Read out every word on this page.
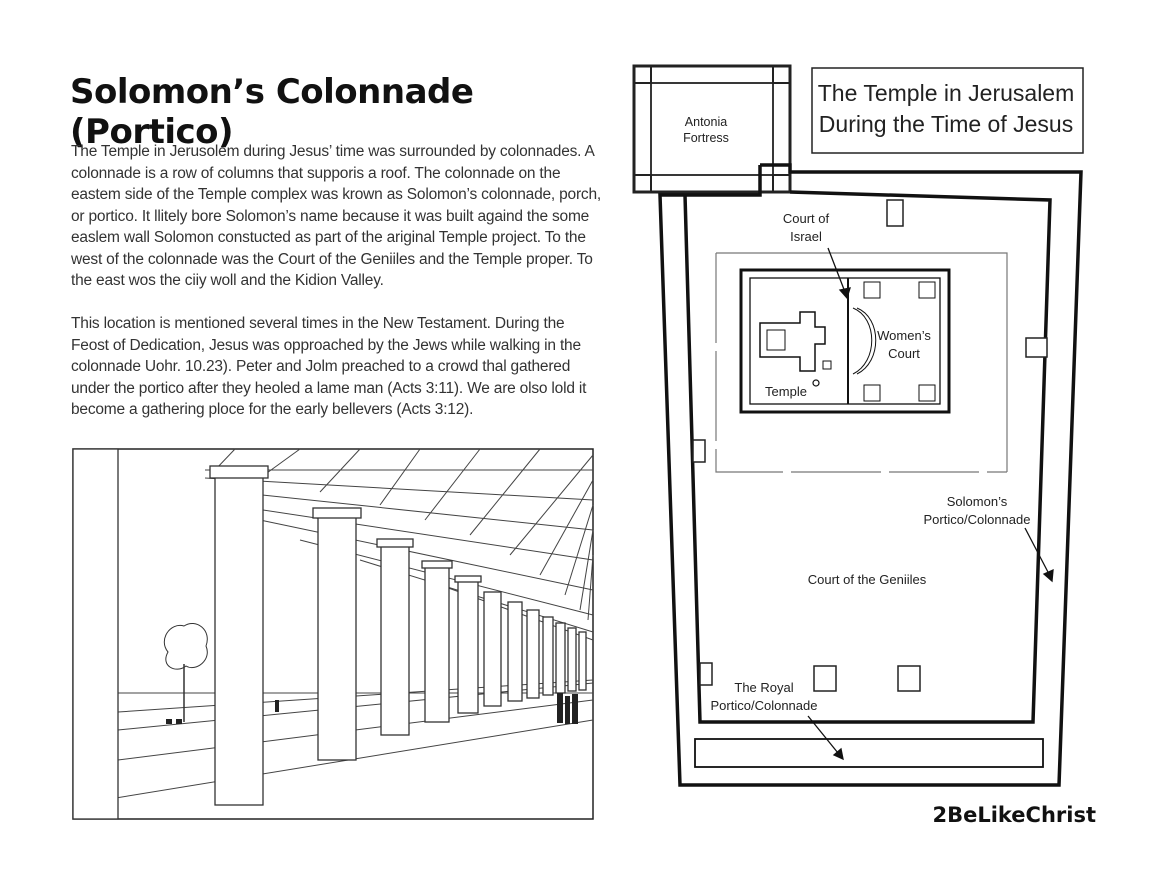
Solomon’s Colonnade (Portico)

The Temple in Jerusolem during Jesus’ time was surrounded by colonnades. A colonnade is a row of columns that supporis a roof. The colonnade on the eastem side of the Temple complex was krown as Solomon’s colonnade, porch, or portico. It llitely bore Solomon’s name because it was built againd the some easlem wall Solomon constucted as part of the ariginal Temple project. To the west of the colonnade was the Court of the Geniiles and the Temple proper. To the east wos the ciiy woll and the Kidion Valley.

This location is mentioned several times in the New Testament. During the Feost of Dedication, Jesus was opproached by the Jews while walking in the colonnade Uohr. 10.23). Peter and Jolm preached to a crowd thal gathered under the portico after they heoled a lame man (Acts 3:11). We are olso lold it become a gathering ploce for the early bellevers (Acts 3:12).

Antonia
Fortress
The Temple in Jerusalem
During the Time of Jesus
Court of
Israel
Women’s
Court
Temple
Solomon’s
Portico/Colonnade
Court of the Geniiles
The Royal
Portico/Colonnade

2BeLikeChrist
